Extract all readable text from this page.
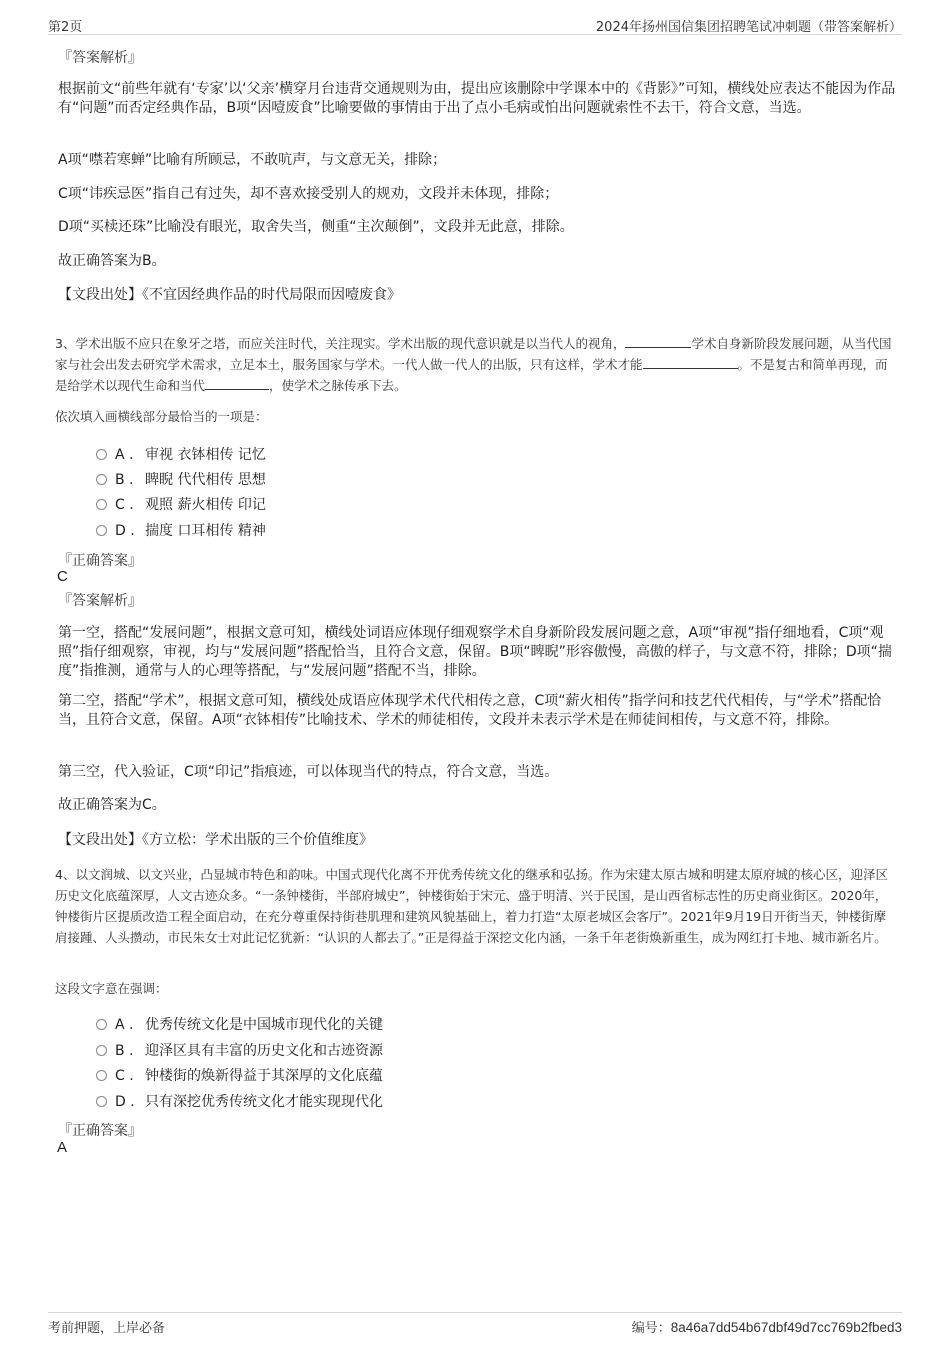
第2页	2024年扬州国信集团招聘笔试冲刺题（带答案解析）
『答案解析』
根据前文“前些年就有‘专家’以‘父亲’横穿月台违背交通规则为由，提出应该删除中学课本中的《背影》”可知，横线处应表达不能因为作品有“问题”而否定经典作品，B项“因噎废食”比喻要做的事情由于出了点小毛病或怕出问题就索性不去干，符合文意，当选。
A项“噤若寒蝉”比喻有所顾忌，不敢吭声，与文意无关，排除；
C项“讳疾忌医”指自己有过失，却不喜欢接受别人的规劝，文段并未体现，排除；
D项“买椟还珠”比喻没有眼光，取舍失当，侧重“主次颠倒”，文段并无此意，排除。
故正确答案为B。
【文段出处】《不宜因经典作品的时代局限而因噎废食》
3、学术出版不应只在象牙之塔，而应关注时代，关注现实。学术出版的现代意识就是以当代人的视角，	学术自身新阶段发展问题，从当代国家与社会出发去研究学术需求，立足本土，服务国家与学术。一代人做一代人的出版，只有这样，学术才能	。不是复古和简单再现，而是给学术以现代生命和当代	，使学术之脉传承下去。
依次填入画横线部分最恰当的一项是：
A . 审视 衣钵相传 记忆
B . 睥睨 代代相传 思想
C . 观照 薪火相传 印记
D . 揣度 口耳相传 精神
『正确答案』
C
『答案解析』
第一空，搭配“发展问题”，根据文意可知，横线处词语应体现仔细观察学术自身新阶段发展问题之意，A项“审视”指仔细地看，C项“观照”指仔细观察，审视，均与“发展问题”搭配恰当，且符合文意，保留。B项“睥睨”形容傲慢，高傲的样子，与文意不符，排除；D项“揣度”指推测，通常与人的心理等搭配，与“发展问题”搭配不当，排除。
第二空，搭配“学术”，根据文意可知，横线处成语应体现学术代代相传之意，C项“薪火相传”指学问和技艺代代相传，与“学术”搭配恰当，且符合文意，保留。A项“衣钵相传”比喻技术、学术的师徒相传，文段并未表示学术是在师徒间相传，与文意不符，排除。
第三空，代入验证，C项“印记”指痕迹，可以体现当代的特点，符合文意，当选。
故正确答案为C。
【文段出处】《方立松：学术出版的三个价值维度》
4、以文润城、以文兴业，凸显城市特色和韵味。中国式现代化离不开优秀传统文化的继承和弘扬。作为宋建太原古城和明建太原府城的核心区，迎泽区历史文化底蕴深厚，人文古迹众多。“一条钟楼街，半部府城史”，钟楼街始于宋元、盛于明清、兴于民国，是山西省标志性的历史商业街区。2020年，钟楼街片区提质改造工程全面启动，在充分尊重保持街巷肌理和建筑风貌基础上，着力打造“太原老城区会客厅”。2021年9月19日开街当天，钟楼街摩肩接踵、人头攒动，市民朱女士对此记忆犹新：“认识的人都去了。”正是得益于深挖文化内涵，一条千年老街焕新重生，成为网红打卡地、城市新名片。
这段文字意在强调：
A . 优秀传统文化是中国城市现代化的关键
B . 迎泽区具有丰富的历史文化和古迹资源
C . 钟楼街的焕新得益于其深厚的文化底蕴
D . 只有深挖优秀传统文化才能实现现代化
『正确答案』
A
考前押题，上岸必备	编号：8a46a7dd54b67dbf49d7cc769b2fbed3
